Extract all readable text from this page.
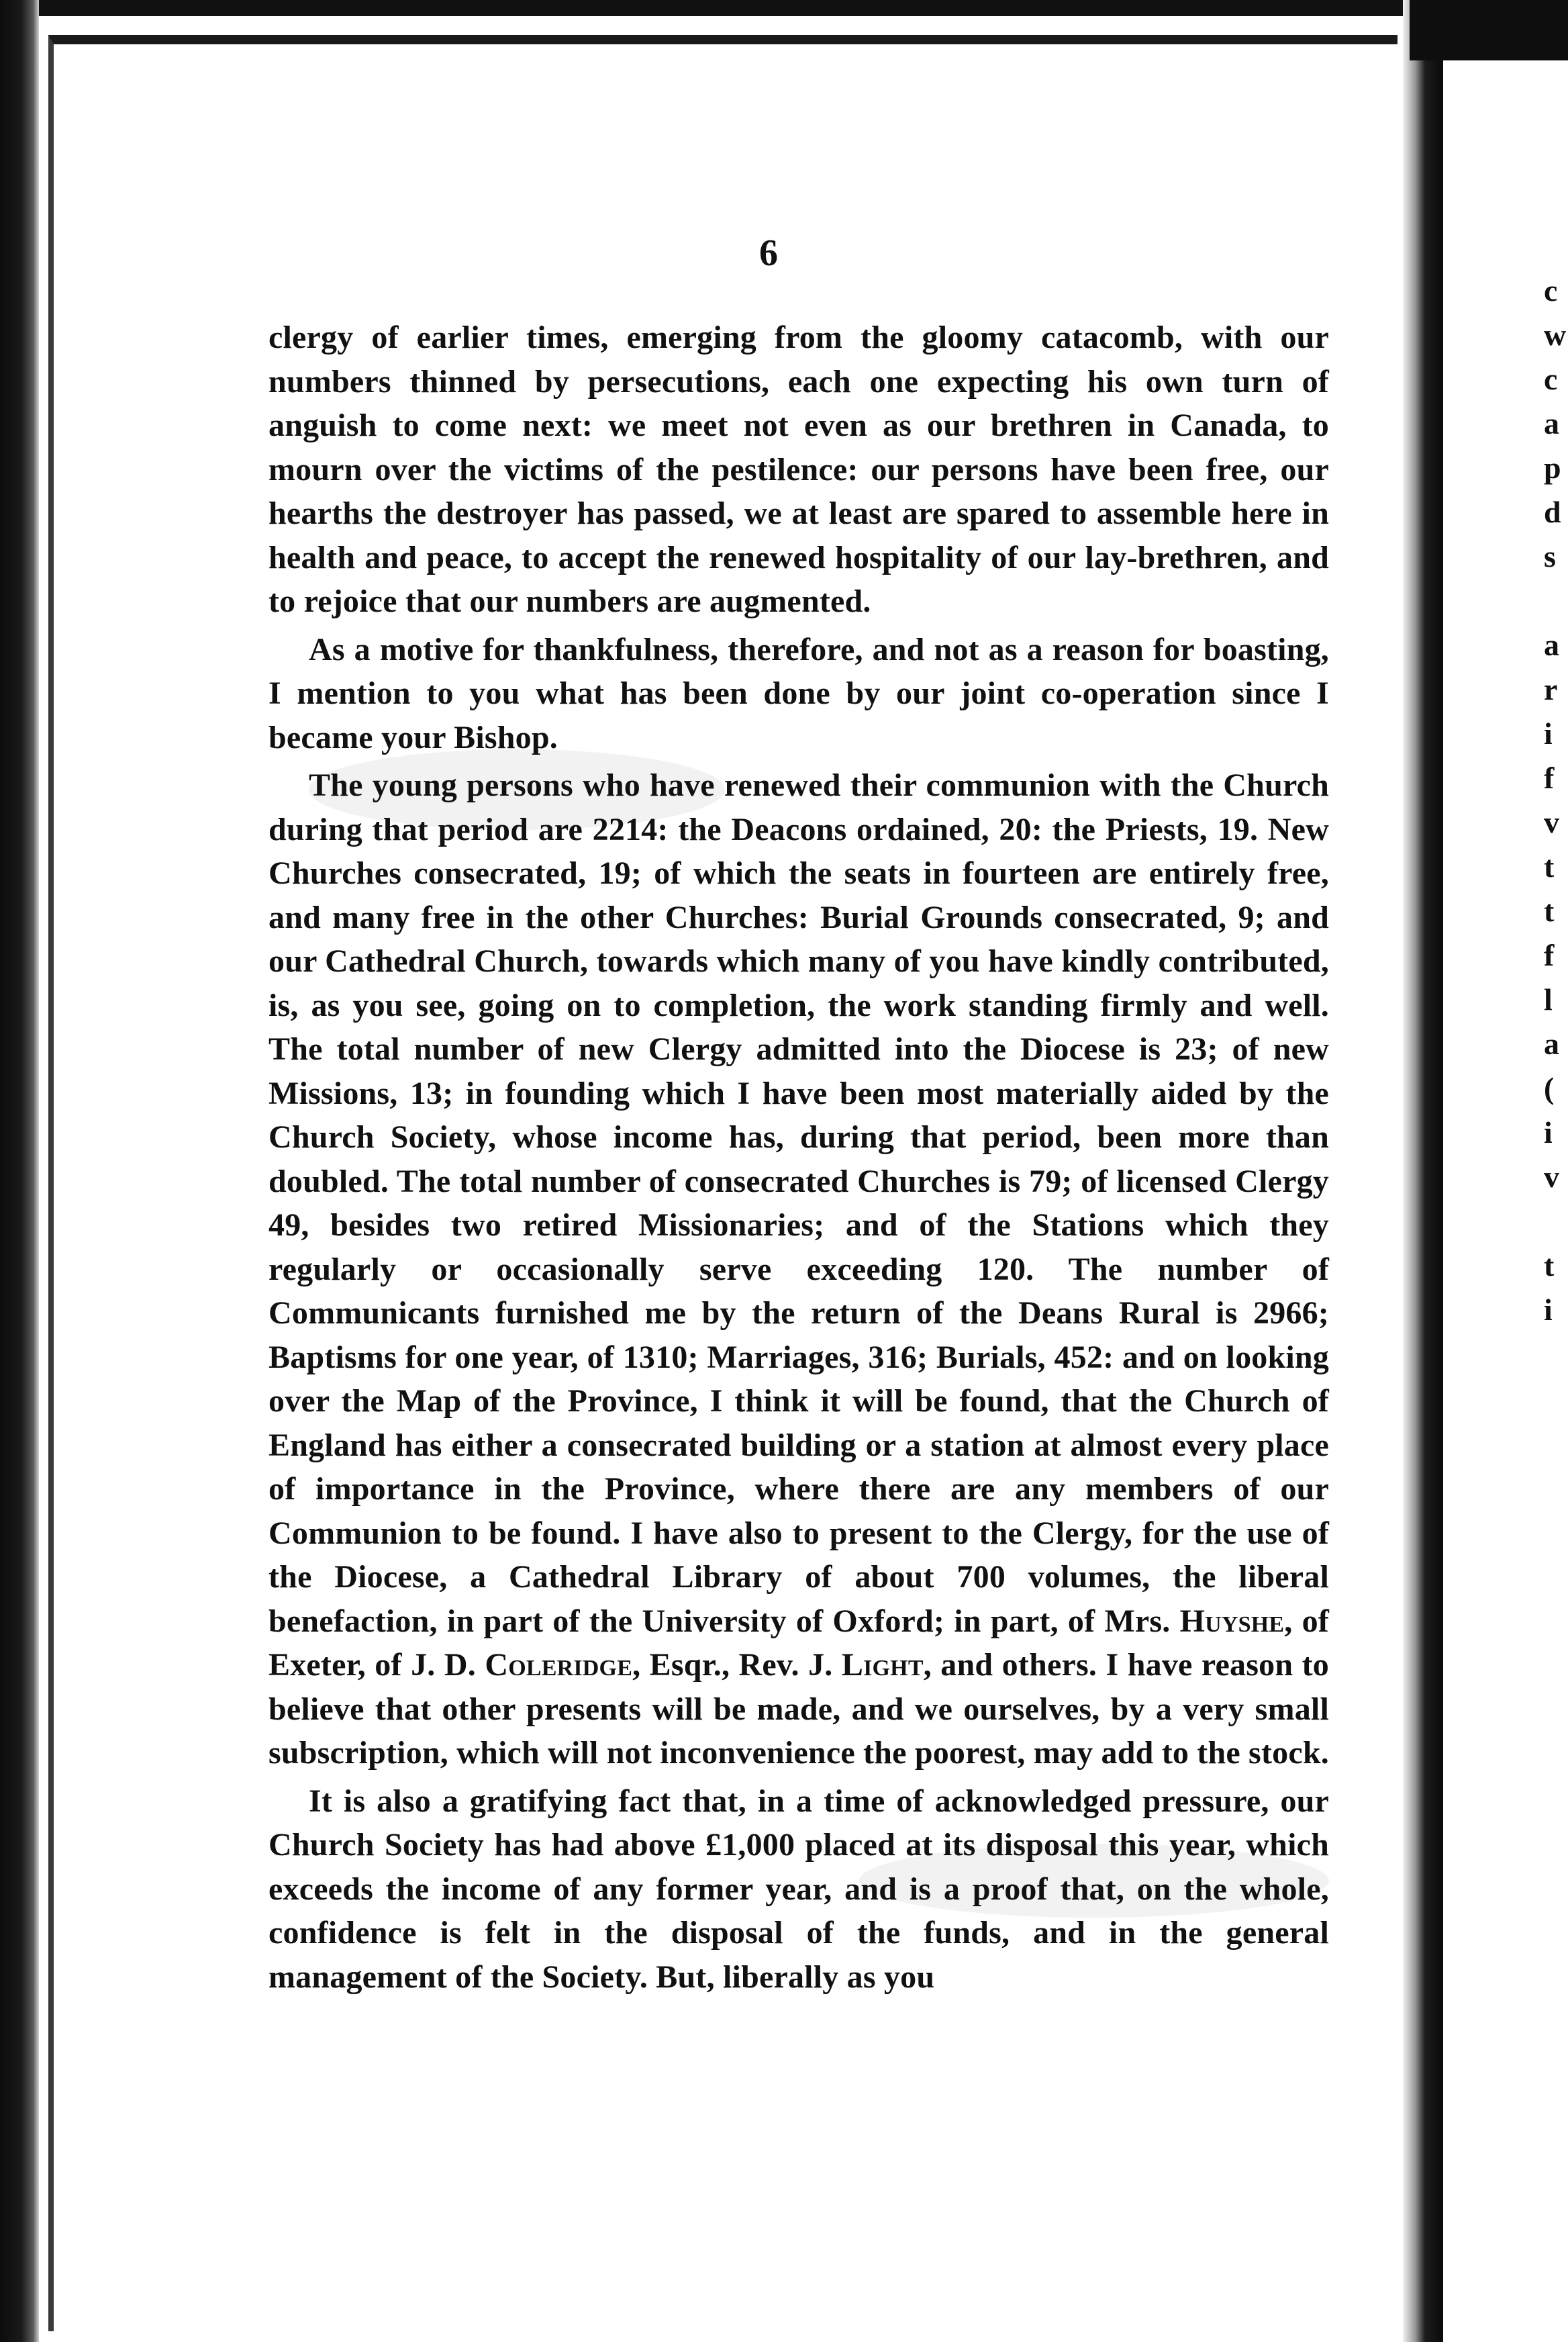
6

clergy of earlier times, emerging from the gloomy catacomb, with our numbers thinned by persecutions, each one expecting his own turn of anguish to come next: we meet not even as our brethren in Canada, to mourn over the victims of the pestilence: our persons have been free, our hearths the destroyer has passed, we at least are spared to assemble here in health and peace, to accept the renewed hospitality of our lay-brethren, and to rejoice that our numbers are augmented.

As a motive for thankfulness, therefore, and not as a reason for boasting, I mention to you what has been done by our joint co-operation since I became your Bishop.

The young persons who have renewed their communion with the Church during that period are 2214: the Deacons ordained, 20: the Priests, 19. New Churches consecrated, 19; of which the seats in fourteen are entirely free, and many free in the other Churches: Burial Grounds consecrated, 9; and our Cathedral Church, towards which many of you have kindly contributed, is, as you see, going on to completion, the work standing firmly and well. The total number of new Clergy admitted into the Diocese is 23; of new Missions, 13; in founding which I have been most materially aided by the Church Society, whose income has, during that period, been more than doubled. The total number of consecrated Churches is 79; of licensed Clergy 49, besides two retired Missionaries; and of the Stations which they regularly or occasionally serve exceeding 120. The number of Communicants furnished me by the return of the Deans Rural is 2966; Baptisms for one year, of 1310; Marriages, 316; Burials, 452: and on looking over the Map of the Province, I think it will be found, that the Church of England has either a consecrated building or a station at almost every place of importance in the Province, where there are any members of our Communion to be found. I have also to present to the Clergy, for the use of the Diocese, a Cathedral Library of about 700 volumes, the liberal benefaction, in part of the University of Oxford; in part, of Mrs. Huyshe, of Exeter, of J. D. Coleridge, Esqr., Rev. J. Light, and others. I have reason to believe that other presents will be made, and we ourselves, by a very small subscription, which will not inconvenience the poorest, may add to the stock.

It is also a gratifying fact that, in a time of acknowledged pressure, our Church Society has had above £1,000 placed at its disposal this year, which exceeds the income of any former year, and is a proof that, on the whole, confidence is felt in the disposal of the funds, and in the general management of the Society. But, liberally as you

c
w
c
a
p
d
s
a
r
i
f
v
t
t
f
l
a
(
i
v
t
i
